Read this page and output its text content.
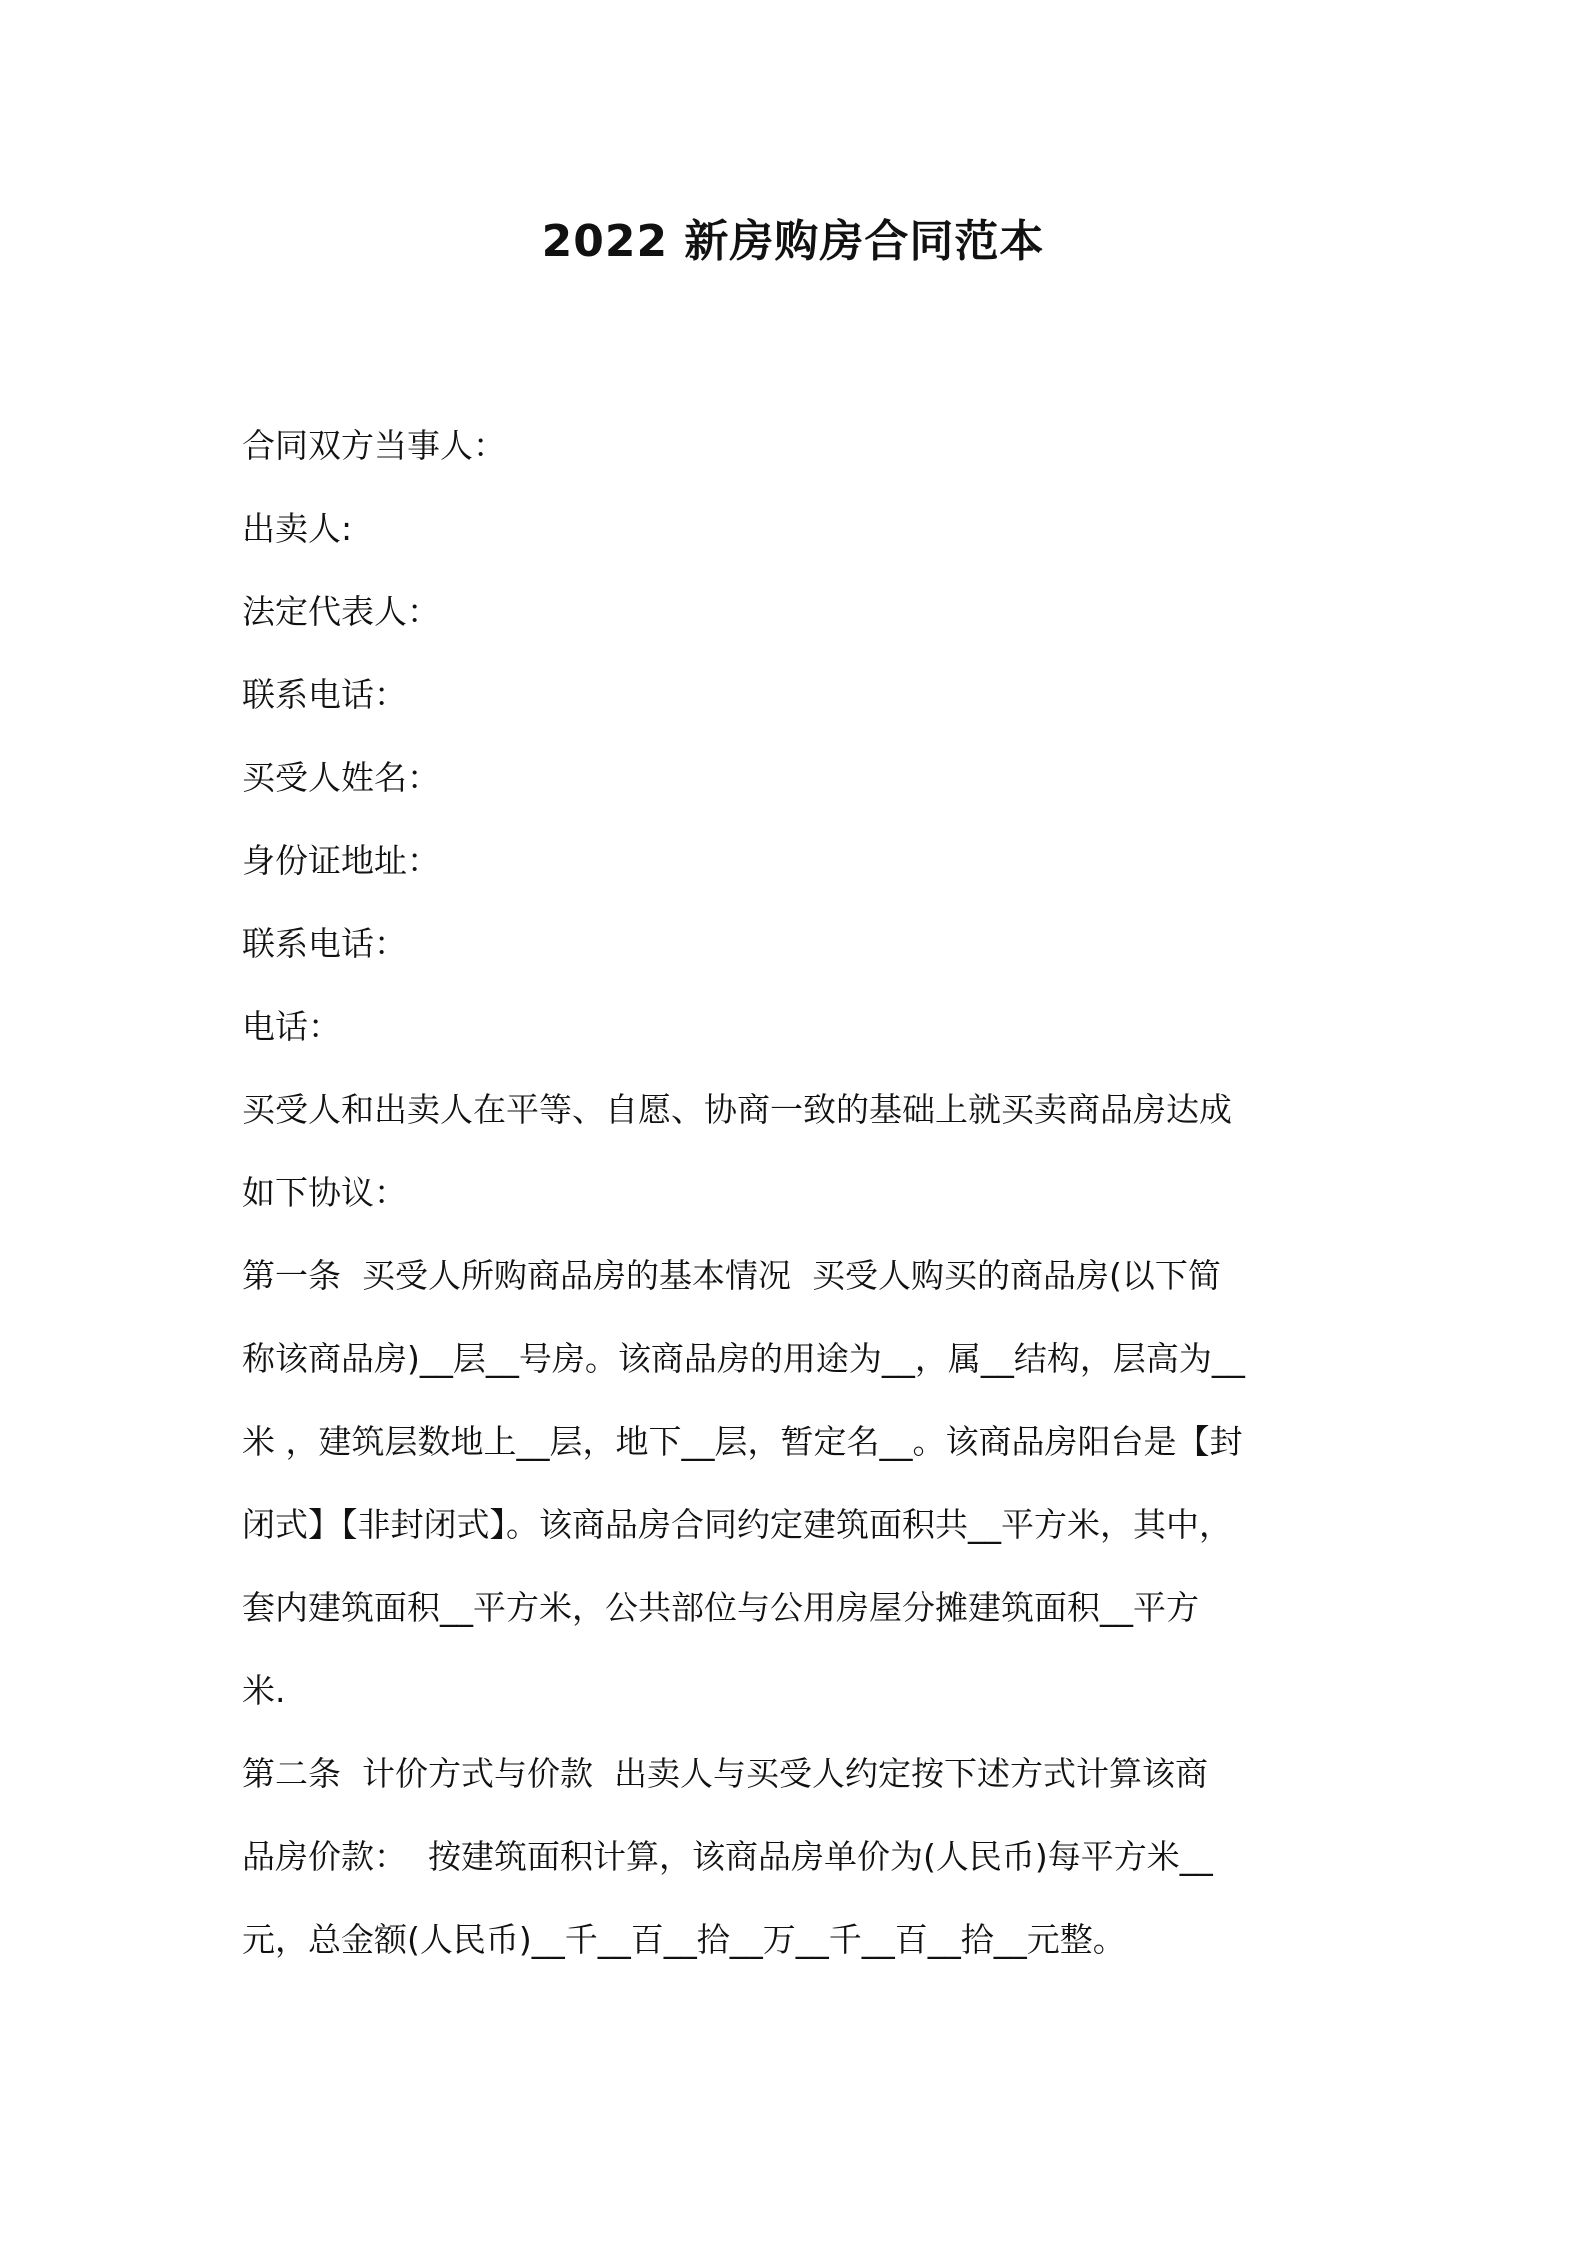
2022 新房购房合同范本
合同双方当事人：
出卖人:
法定代表人：
联系电话：
买受人姓名：
身份证地址：
联系电话：
电话：
买受人和出卖人在平等、自愿、协商一致的基础上就买卖商品房达成
如下协议：
第一条  买受人所购商品房的基本情况  买受人购买的商品房(以下简
称该商品房)__层__号房。该商品房的用途为__，属__结构，层高为__
米 ，建筑层数地上__层，地下__层，暂定名__。该商品房阳台是【封
闭式】【非封闭式】。该商品房合同约定建筑面积共__平方米，其中，
套内建筑面积__平方米，公共部位与公用房屋分摊建筑面积__平方
米.
第二条  计价方式与价款  出卖人与买受人约定按下述方式计算该商
品房价款：  按建筑面积计算，该商品房单价为(人民币)每平方米__
元，总金额(人民币)__千__百__拾__万__千__百__拾__元整。
